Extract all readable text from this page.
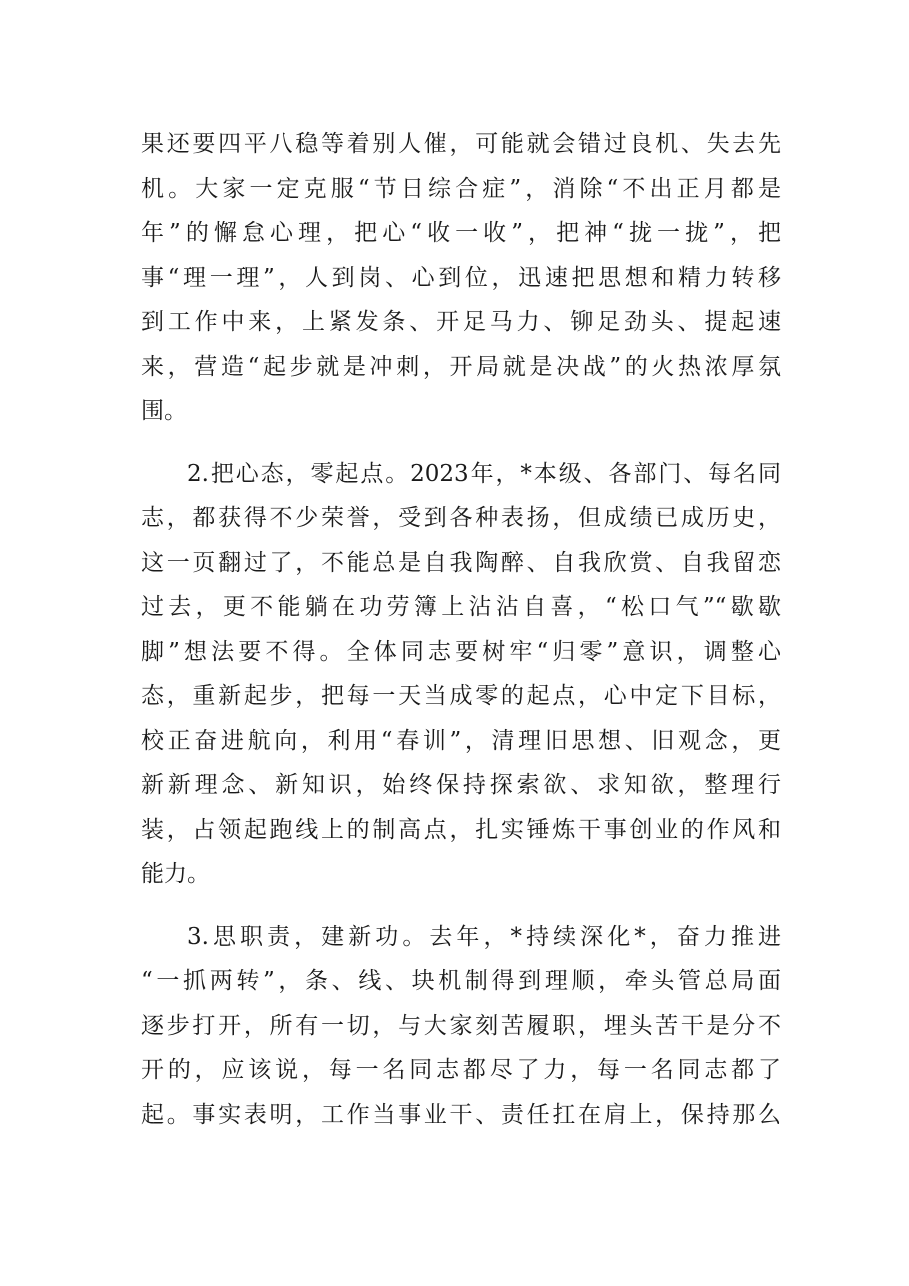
果还要四平八稳等着别人催，可能就会错过良机、失去先
机。大家一定克服“节日综合症”，消除“不出正月都是
年”的懈怠心理，把心“收一收”，把神“拢一拢”，把
事“理一理”，人到岗、心到位，迅速把思想和精力转移
到工作中来，上紧发条、开足马力、铆足劲头、提起速
来，营造“起步就是冲刺，开局就是决战”的火热浓厚氛
围。
2.把心态，零起点。2023年，*本级、各部门、每名同
志，都获得不少荣誉，受到各种表扬，但成绩已成历史，
这一页翻过了，不能总是自我陶醉、自我欣赏、自我留恋
过去，更不能躺在功劳簿上沾沾自喜，“松口气”“歇歇
脚”想法要不得。全体同志要树牢“归零”意识，调整心
态，重新起步，把每一天当成零的起点，心中定下目标，
校正奋进航向，利用“春训”，清理旧思想、旧观念，更
新新理念、新知识，始终保持探索欲、求知欲，整理行
装，占领起跑线上的制高点，扎实锤炼干事创业的作风和
能力。
3.思职责，建新功。去年，*持续深化*，奋力推进
“一抓两转”，条、线、块机制得到理顺，牵头管总局面
逐步打开，所有一切，与大家刻苦履职，埋头苦干是分不
开的，应该说，每一名同志都尽了力，每一名同志都了
起。事实表明，工作当事业干、责任扛在肩上，保持那么
